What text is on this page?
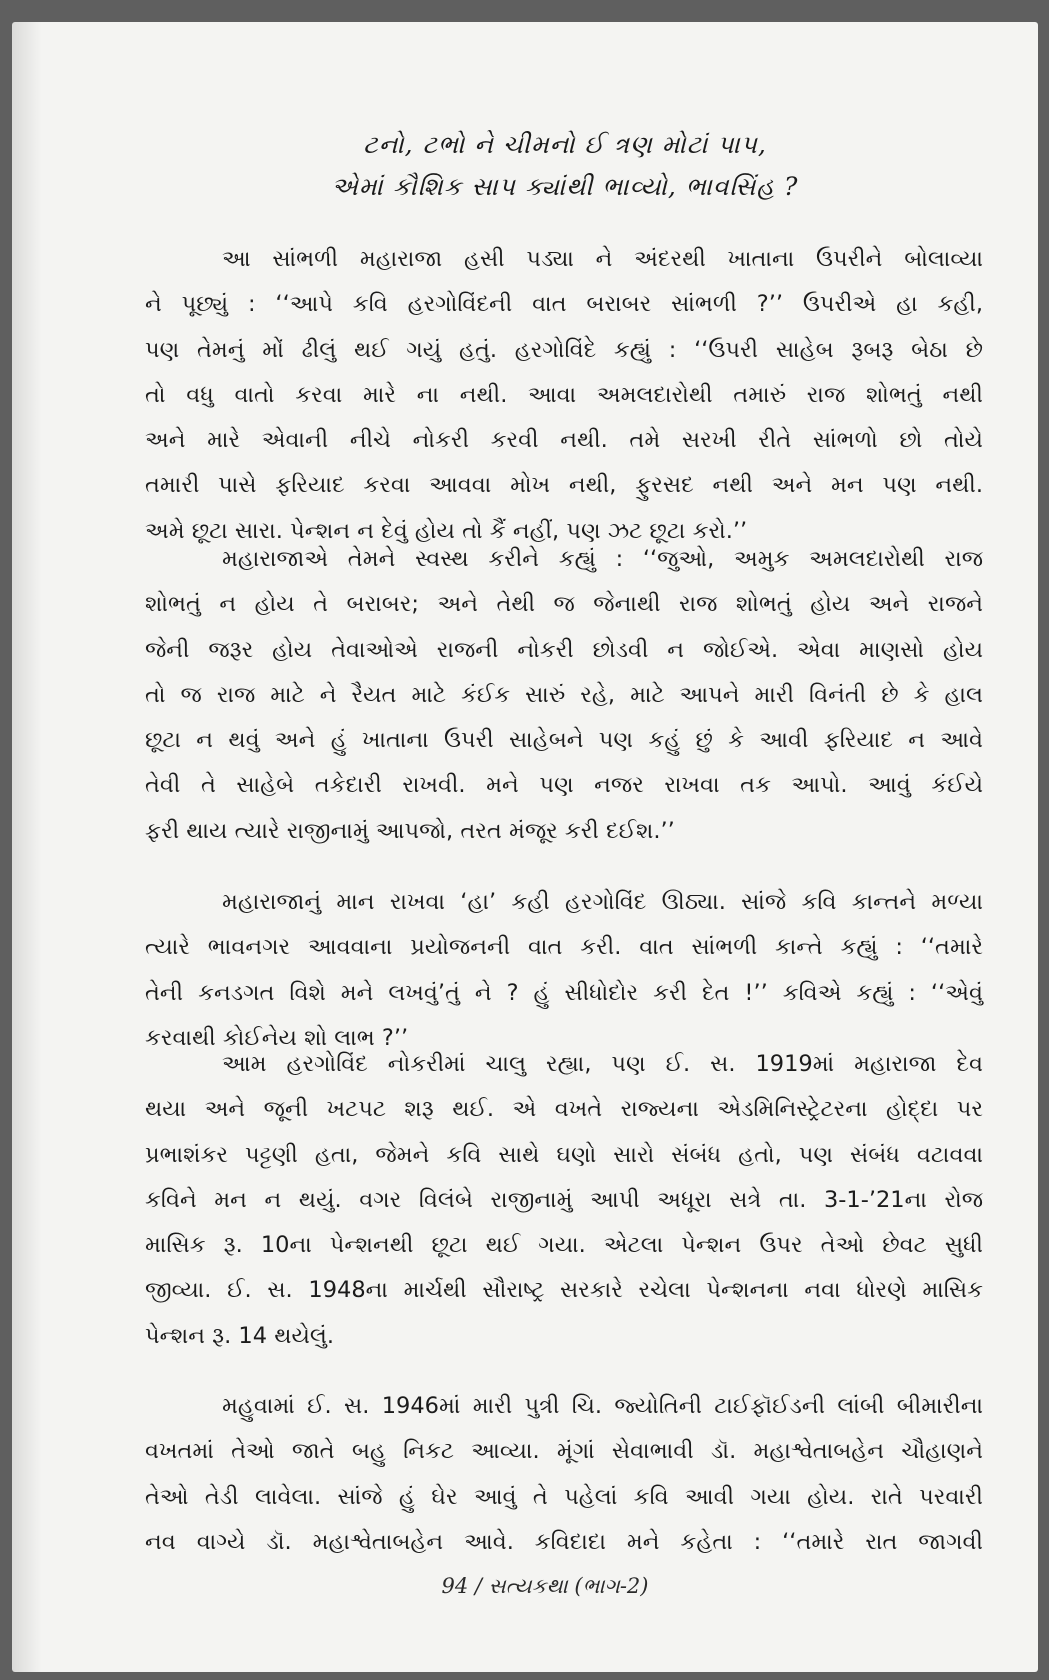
ટનો, ટભો ને ચીમનો ઈ ત્રણ મોટાં પાપ,
એમાં કૌશિક સાપ ક્યાંથી ભાવ્યો, ભાવસિંહ ?
આ સાંભળી મહારાજા હસી પડ્યા ને અંદરથી ખાતાના ઉપરીને બોલાવ્યા
ને પૂછ્યું : ‘‘આપે કવિ હરગોવિંદની વાત બરાબર સાંભળી ?’’ ઉપરીએ હા કહી,
પણ તેમનું મોં ઢીલું થઈ ગયું હતું. હરગોવિંદે કહ્યું : ‘‘ઉપરી સાહેબ રૂબરૂ બેઠા છે
તો વધુ વાતો કરવા મારે ના નથી. આવા અમલદારોથી તમારું રાજ શોભતું નથી
અને મારે એવાની નીચે નોકરી કરવી નથી. તમે સરખી રીતે સાંભળો છો તોયે
તમારી પાસે ફરિયાદ કરવા આવવા મોખ નથી, ફુરસદ નથી અને મન પણ નથી.
અમે છૂટા સારા. પેન્શન ન દેવું હોય તો કૈં નહીં, પણ ઝટ છૂટા કરો.’’
મહારાજાએ તેમને સ્વસ્થ કરીને કહ્યું : ‘‘જુઓ, અમુક અમલદારોથી રાજ
શોભતું ન હોય તે બરાબર; અને તેથી જ જેનાથી રાજ શોભતું હોય અને રાજને
જેની જરૂર હોય તેવાઓએ રાજની નોકરી છોડવી ન જોઈએ. એવા માણસો હોય
તો જ રાજ માટે ને રૈયત માટે કંઈક સારું રહે, માટે આપને મારી વિનંતી છે કે હાલ
છૂટા ન થવું અને હું ખાતાના ઉપરી સાહેબને પણ કહું છું કે આવી ફરિયાદ ન આવે
તેવી તે સાહેબે તકેદારી રાખવી. મને પણ નજર રાખવા તક આપો. આવું કંઈયે
ફરી થાય ત્યારે રાજીનામું આપજો, તરત મંજૂર કરી દઈશ.’’
મહારાજાનું માન રાખવા ‘હા’ કહી હરગોવિંદ ઊઠ્યા. સાંજે કવિ કાન્તને મળ્યા
ત્યારે ભાવનગર આવવાના પ્રયોજનની વાત કરી. વાત સાંભળી કાન્તે કહ્યું : ‘‘તમારે
તેની કનડગત વિશે મને લખવું’તું ને ? હું સીધોદોર કરી દેત !’’ કવિએ કહ્યું : ‘‘એવું
કરવાથી કોઈનેય શો લાભ ?’’
આમ હરગોવિંદ નોકરીમાં ચાલુ રહ્યા, પણ ઈ. સ. 1919માં મહારાજા દેવ
થયા અને જૂની ખટપટ શરૂ થઈ. એ વખતે રાજ્યના એડમિનિસ્ટ્રેટરના હોદ્દા પર
પ્રભાશંકર પટ્ટણી હતા, જેમને કવિ સાથે ઘણો સારો સંબંધ હતો, પણ સંબંધ વટાવવા
કવિને મન ન થયું. વગર વિલંબે રાજીનામું આપી અધૂરા સત્રે તા. 3-1-’21ના રોજ
માસિક રૂ. 10ના પેન્શનથી છૂટા થઈ ગયા. એટલા પેન્શન ઉપર તેઓ છેવટ સુધી
જીવ્યા. ઈ. સ. 1948ના માર્ચથી સૌરાષ્ટ્ર સરકારે રચેલા પેન્શનના નવા ધોરણે માસિક
પેન્શન રૂ. 14 થયેલું.
મહુવામાં ઈ. સ. 1946માં મારી પુત્રી ચિ. જ્યોતિની ટાઈફૉઈડની લાંબી બીમારીના
વખતમાં તેઓ જાતે બહુ નિકટ આવ્યા. મૂંગાં સેવાભાવી ડૉ. મહાશ્વેતાબહેન ચૌહાણને
તેઓ તેડી લાવેલા. સાંજે હું ઘેર આવું તે પહેલાં કવિ આવી ગયા હોય. રાતે પરવારી
નવ વાગ્યે ડૉ. મહાશ્વેતાબહેન આવે. કવિદાદા મને કહેતા : ‘‘તમારે રાત જાગવી
94 / સત્યકથા (ભાગ-2)
